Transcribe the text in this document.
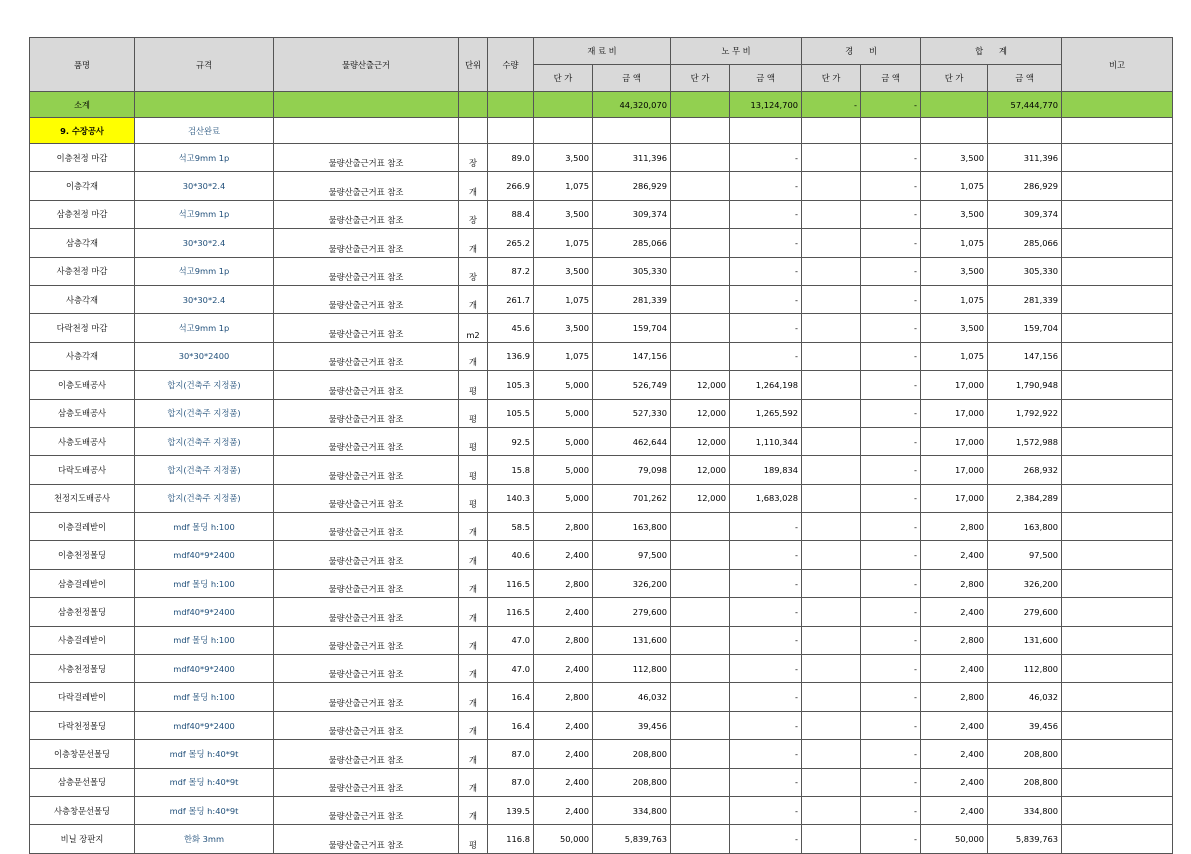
품명	규격	물량산출근거	단위	수량	재 료 비		노 무 비		경      비		합      계		비고
					단 가	금 액	단 가	금 액	단 가	금 액	단 가	금 액	
소계						44,320,070		13,124,700	-	-		57,444,770	
9. 수장공사	검산완료												
이층천정 마감	석고9mm 1p	물량산출근거표 참조	장	89.0	3,500	311,396		-		-	3,500	311,396	
이층각재	30*30*2.4	물량산출근거표 참조	개	266.9	1,075	286,929		-		-	1,075	286,929	
삼층천정 마감	석고9mm 1p	물량산출근거표 참조	장	88.4	3,500	309,374		-		-	3,500	309,374	
삼층각재	30*30*2.4	물량산출근거표 참조	개	265.2	1,075	285,066		-		-	1,075	285,066	
사층천정 마감	석고9mm 1p	물량산출근거표 참조	장	87.2	3,500	305,330		-		-	3,500	305,330	
사층각재	30*30*2.4	물량산출근거표 참조	개	261.7	1,075	281,339		-		-	1,075	281,339	
다락천정 마감	석고9mm 1p	물량산출근거표 참조	m2	45.6	3,500	159,704		-		-	3,500	159,704	
사층각재	30*30*2400	물량산출근거표 참조	개	136.9	1,075	147,156		-		-	1,075	147,156	
이층도배공사	합지(건축주 지정품)	물량산출근거표 참조	평	105.3	5,000	526,749	12,000	1,264,198		-	17,000	1,790,948	
삼층도배공사	합지(건축주 지정품)	물량산출근거표 참조	평	105.5	5,000	527,330	12,000	1,265,592		-	17,000	1,792,922	
사층도배공사	합지(건축주 지정품)	물량산출근거표 참조	평	92.5	5,000	462,644	12,000	1,110,344		-	17,000	1,572,988	
다락도배공사	합지(건축주 지정품)	물량산출근거표 참조	평	15.8	5,000	79,098	12,000	189,834		-	17,000	268,932	
천정지도배공사	합지(건축주 지정품)	물량산출근거표 참조	평	140.3	5,000	701,262	12,000	1,683,028		-	17,000	2,384,289	
이층걸레받이	mdf 몰딩 h:100	물량산출근거표 참조	개	58.5	2,800	163,800		-		-	2,800	163,800	
이층천정몰딩	mdf40*9*2400	물량산출근거표 참조	개	40.6	2,400	97,500		-		-	2,400	97,500	
삼층걸레받이	mdf 몰딩 h:100	물량산출근거표 참조	개	116.5	2,800	326,200		-		-	2,800	326,200	
삼층천정몰딩	mdf40*9*2400	물량산출근거표 참조	개	116.5	2,400	279,600		-		-	2,400	279,600	
사층걸레받이	mdf 몰딩 h:100	물량산출근거표 참조	개	47.0	2,800	131,600		-		-	2,800	131,600	
사층천정몰딩	mdf40*9*2400	물량산출근거표 참조	개	47.0	2,400	112,800		-		-	2,400	112,800	
다락걸레받이	mdf 몰딩 h:100	물량산출근거표 참조	개	16.4	2,800	46,032		-		-	2,800	46,032	
다락천정몰딩	mdf40*9*2400	물량산출근거표 참조	개	16.4	2,400	39,456		-		-	2,400	39,456	
이층창문선몰딩	mdf 몰딩 h:40*9t	물량산출근거표 참조	개	87.0	2,400	208,800		-		-	2,400	208,800	
삼층문선몰딩	mdf 몰딩 h:40*9t	물량산출근거표 참조	개	87.0	2,400	208,800		-		-	2,400	208,800	
사층창문선몰딩	mdf 몰딩 h:40*9t	물량산출근거표 참조	개	139.5	2,400	334,800		-		-	2,400	334,800	
비닐 장판지	한화 3mm	물량산출근거표 참조	평	116.8	50,000	5,839,763		-		-	50,000	5,839,763	
